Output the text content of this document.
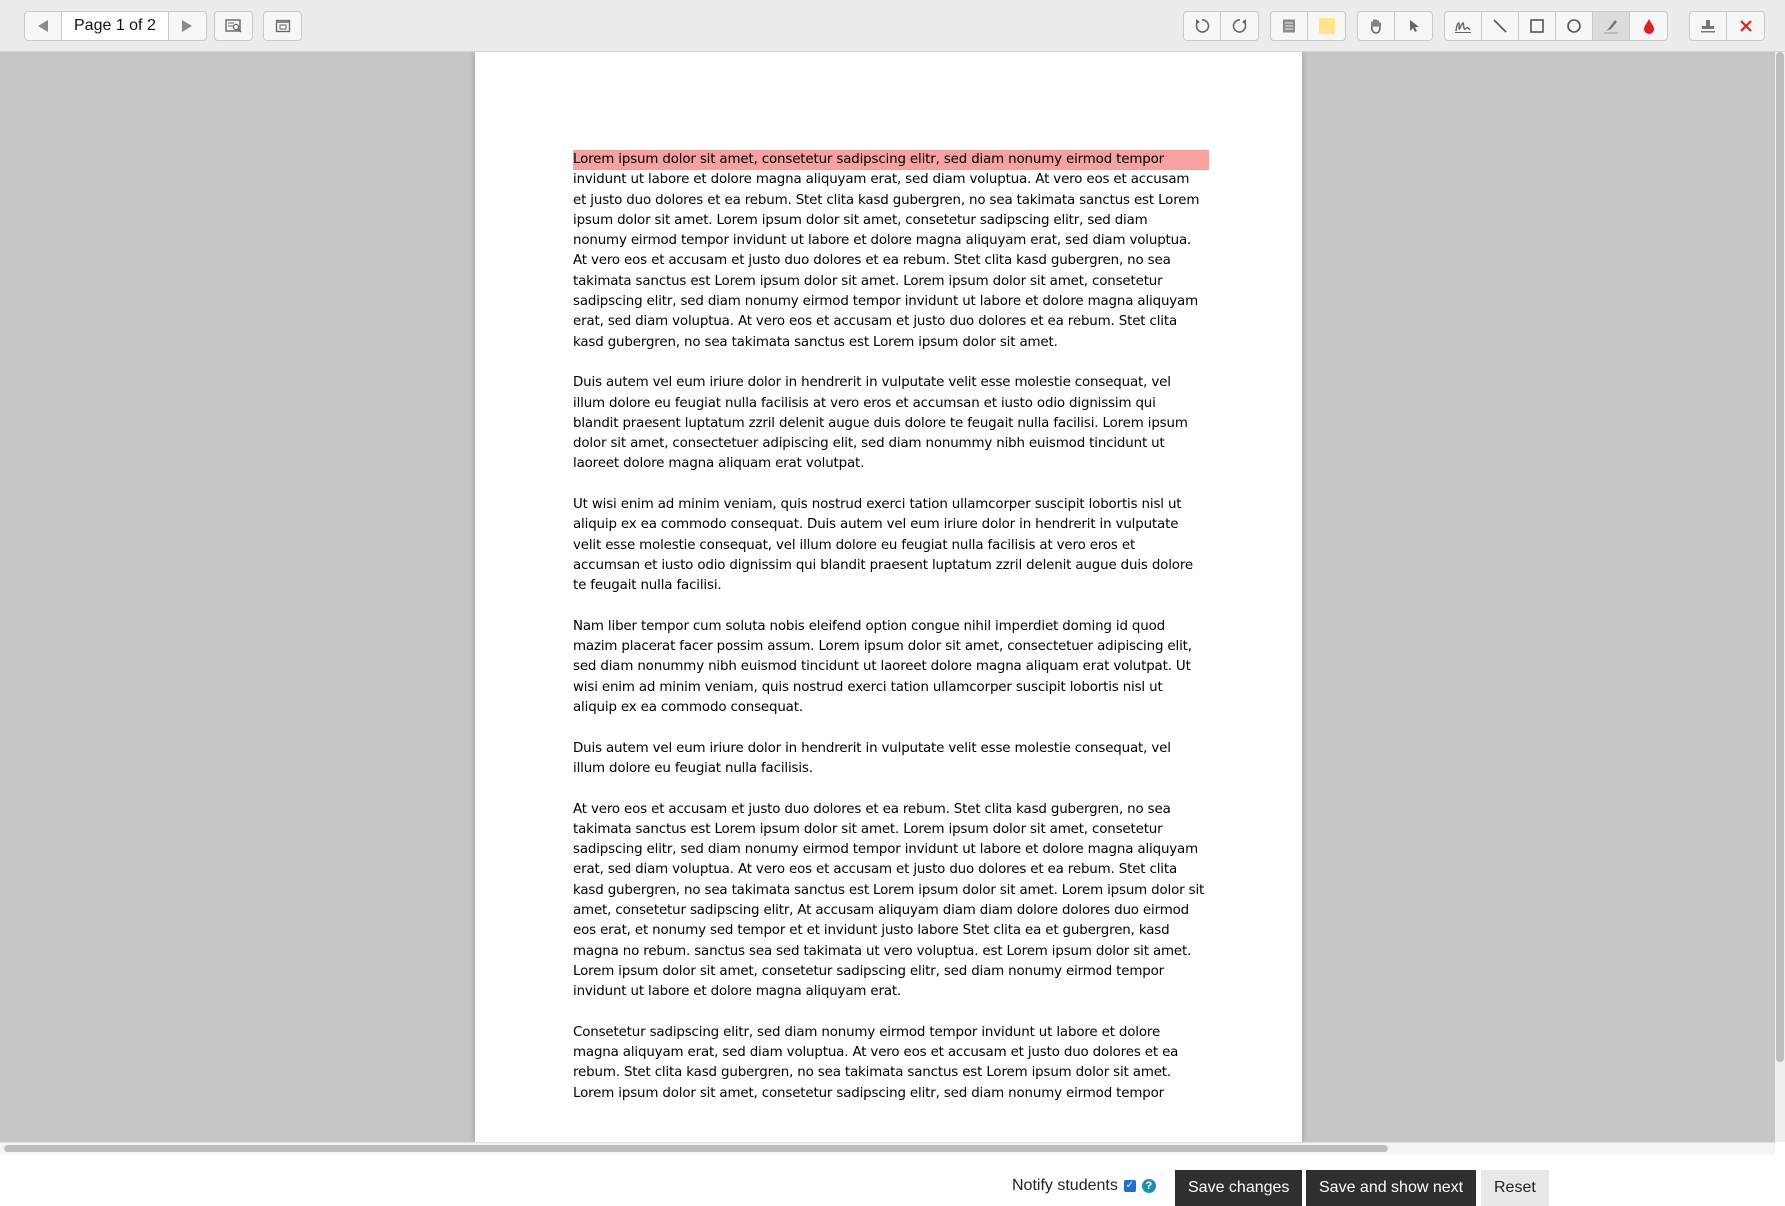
Page 1 of 2

Lorem ipsum dolor sit amet, consetetur sadipscing elitr, sed diam nonumy eirmod tempor
invidunt ut labore et dolore magna aliquyam erat, sed diam voluptua. At vero eos et accusam et justo duo dolores et ea rebum. Stet clita kasd gubergren, no sea takimata sanctus est Lorem ipsum dolor sit amet. Lorem ipsum dolor sit amet, consetetur sadipscing elitr, sed diam nonumy eirmod tempor invidunt ut labore et dolore magna aliquyam erat, sed diam voluptua. At vero eos et accusam et justo duo dolores et ea rebum. Stet clita kasd gubergren, no sea takimata sanctus est Lorem ipsum dolor sit amet. Lorem ipsum dolor sit amet, consetetur sadipscing elitr, sed diam nonumy eirmod tempor invidunt ut labore et dolore magna aliquyam erat, sed diam voluptua. At vero eos et accusam et justo duo dolores et ea rebum. Stet clita kasd gubergren, no sea takimata sanctus est Lorem ipsum dolor sit amet.

Duis autem vel eum iriure dolor in hendrerit in vulputate velit esse molestie consequat, vel illum dolore eu feugiat nulla facilisis at vero eros et accumsan et iusto odio dignissim qui blandit praesent luptatum zzril delenit augue duis dolore te feugait nulla facilisi. Lorem ipsum dolor sit amet, consectetuer adipiscing elit, sed diam nonummy nibh euismod tincidunt ut laoreet dolore magna aliquam erat volutpat.

Ut wisi enim ad minim veniam, quis nostrud exerci tation ullamcorper suscipit lobortis nisl ut aliquip ex ea commodo consequat. Duis autem vel eum iriure dolor in hendrerit in vulputate velit esse molestie consequat, vel illum dolore eu feugiat nulla facilisis at vero eros et accumsan et iusto odio dignissim qui blandit praesent luptatum zzril delenit augue duis dolore te feugait nulla facilisi.

Nam liber tempor cum soluta nobis eleifend option congue nihil imperdiet doming id quod mazim placerat facer possim assum. Lorem ipsum dolor sit amet, consectetuer adipiscing elit, sed diam nonummy nibh euismod tincidunt ut laoreet dolore magna aliquam erat volutpat. Ut wisi enim ad minim veniam, quis nostrud exerci tation ullamcorper suscipit lobortis nisl ut aliquip ex ea commodo consequat.

Duis autem vel eum iriure dolor in hendrerit in vulputate velit esse molestie consequat, vel illum dolore eu feugiat nulla facilisis.

At vero eos et accusam et justo duo dolores et ea rebum. Stet clita kasd gubergren, no sea takimata sanctus est Lorem ipsum dolor sit amet. Lorem ipsum dolor sit amet, consetetur sadipscing elitr, sed diam nonumy eirmod tempor invidunt ut labore et dolore magna aliquyam erat, sed diam voluptua. At vero eos et accusam et justo duo dolores et ea rebum. Stet clita kasd gubergren, no sea takimata sanctus est Lorem ipsum dolor sit amet. Lorem ipsum dolor sit amet, consetetur sadipscing elitr, At accusam aliquyam diam diam dolore dolores duo eirmod eos erat, et nonumy sed tempor et et invidunt justo labore Stet clita ea et gubergren, kasd magna no rebum. sanctus sea sed takimata ut vero voluptua. est Lorem ipsum dolor sit amet. Lorem ipsum dolor sit amet, consetetur sadipscing elitr, sed diam nonumy eirmod tempor invidunt ut labore et dolore magna aliquyam erat.

Consetetur sadipscing elitr, sed diam nonumy eirmod tempor invidunt ut labore et dolore magna aliquyam erat, sed diam voluptua. At vero eos et accusam et justo duo dolores et ea rebum. Stet clita kasd gubergren, no sea takimata sanctus est Lorem ipsum dolor sit amet. Lorem ipsum dolor sit amet, consetetur sadipscing elitr, sed diam nonumy eirmod tempor

Notify students ✓	?	Save changes	Save and show next	Reset
